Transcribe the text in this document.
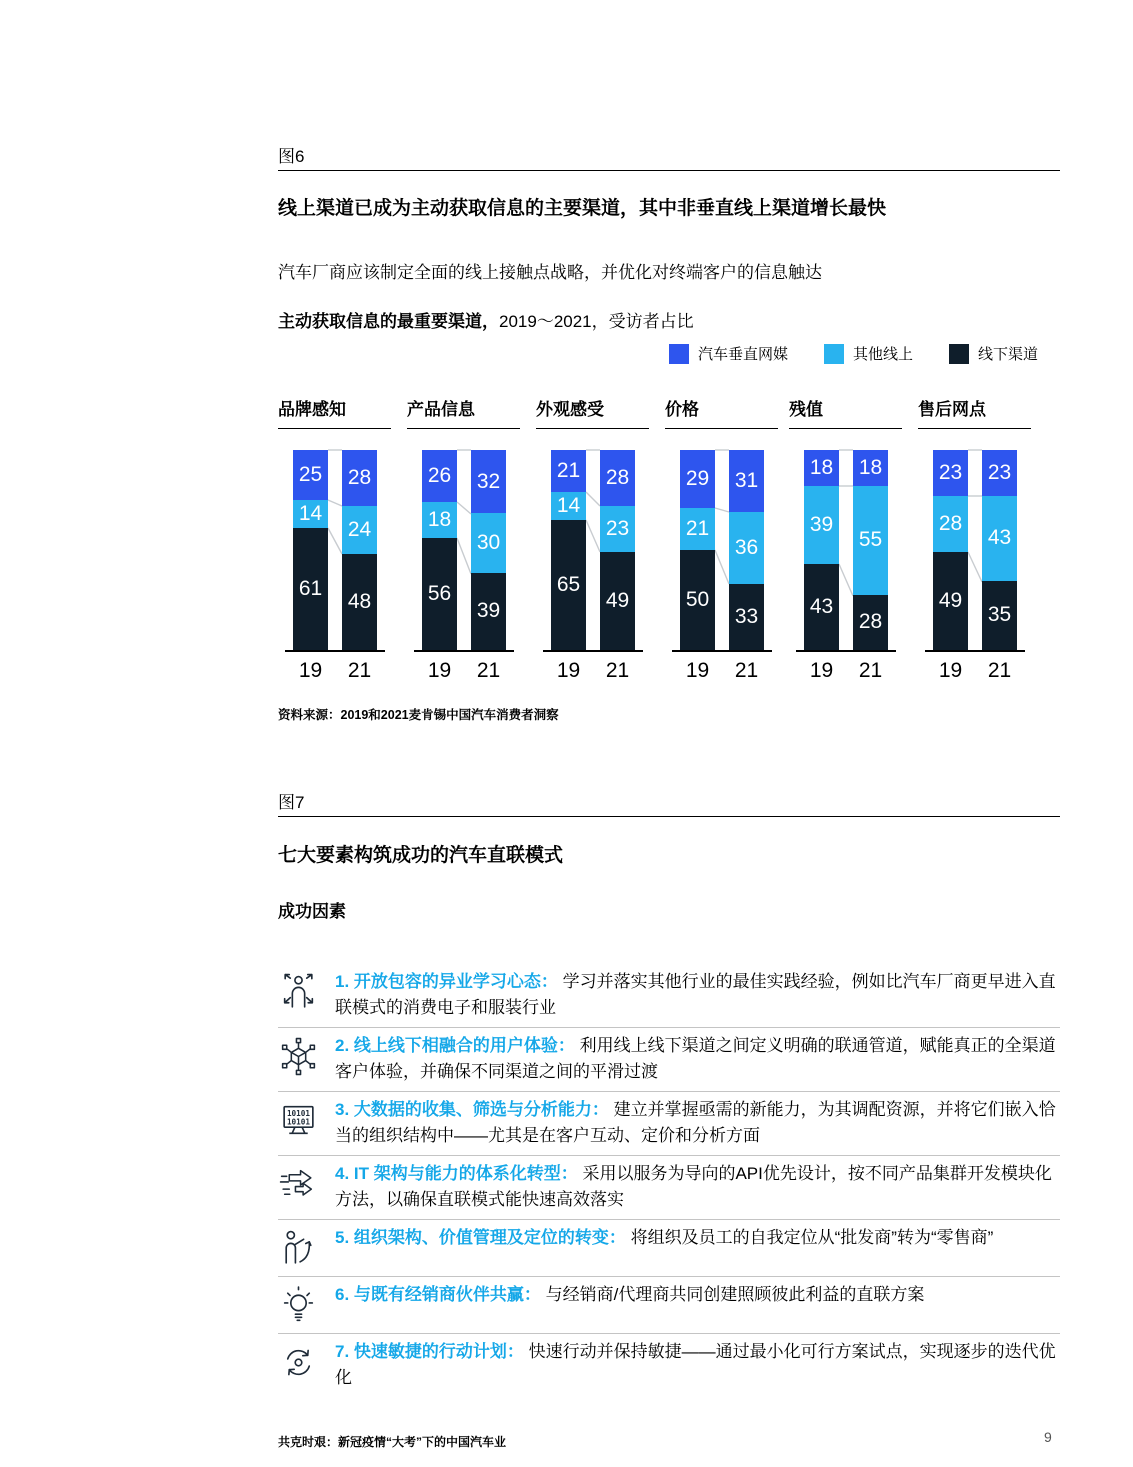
图6
线上渠道已成为主动获取信息的主要渠道，其中非垂直线上渠道增长最快
汽车厂商应该制定全面的线上接触点战略，并优化对终端客户的信息触达
主动获取信息的最重要渠道，2019～2021，受访者占比
汽车垂直网媒	其他线上	线下渠道
品牌感知
25
14
61
19
28
24
48
21
产品信息
26
18
56
19
32
30
39
21
外观感受
21
14
65
19
28
23
49
21
价格
29
21
50
19
31
36
33
21
残值
18
39
43
19
18
55
28
21
售后网点
23
28
49
19
23
43
35
21
资料来源：2019和2021麦肯锡中国汽车消费者洞察
图7
七大要素构筑成功的汽车直联模式
成功因素
1. 开放包容的异业学习心态： 学习并落实其他行业的最佳实践经验，例如比汽车厂商更早进入直联模式的消费电子和服装行业
2. 线上线下相融合的用户体验： 利用线上线下渠道之间定义明确的联通管道，赋能真正的全渠道客户体验，并确保不同渠道之间的平滑过渡
10101
10101
3. 大数据的收集、筛选与分析能力： 建立并掌握亟需的新能力，为其调配资源，并将它们嵌入恰当的组织结构中——尤其是在客户互动、定价和分析方面
4. IT 架构与能力的体系化转型： 采用以服务为导向的API优先设计，按不同产品集群开发模块化方法，以确保直联模式能快速高效落实
5. 组织架构、价值管理及定位的转变： 将组织及员工的自我定位从“批发商”转为“零售商”
6. 与既有经销商伙伴共赢： 与经销商/代理商共同创建照顾彼此利益的直联方案
7. 快速敏捷的行动计划： 快速行动并保持敏捷——通过最小化可行方案试点，实现逐步的迭代优化
共克时艰：新冠疫情“大考”下的中国汽车业	9
